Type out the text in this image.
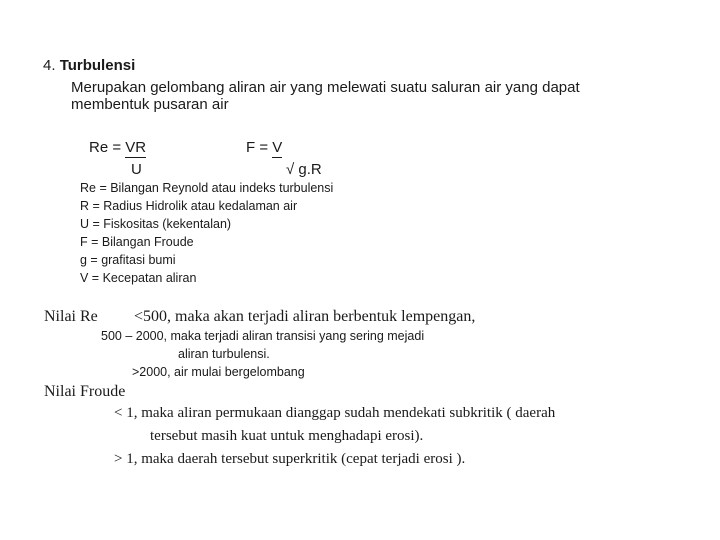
4. Turbulensi
Merupakan gelombang aliran air yang melewati suatu saluran air yang dapat
membentuk pusaran air
Re = VR
U
F = V
√ g.R
Re = Bilangan Reynold atau indeks turbulensi
R = Radius Hidrolik atau kedalaman air
U = Fiskositas (kekentalan)
F = Bilangan Froude
g = grafitasi bumi
V = Kecepatan aliran
Nilai Re <500, maka akan terjadi aliran berbentuk lempengan,
500 – 2000, maka terjadi aliran transisi yang sering mejadi
aliran turbulensi.
>2000, air mulai bergelombang
Nilai Froude
< 1, maka aliran permukaan dianggap sudah mendekati subkritik ( daerah
tersebut masih kuat untuk menghadapi erosi).
> 1, maka daerah tersebut superkritik (cepat terjadi erosi ).
